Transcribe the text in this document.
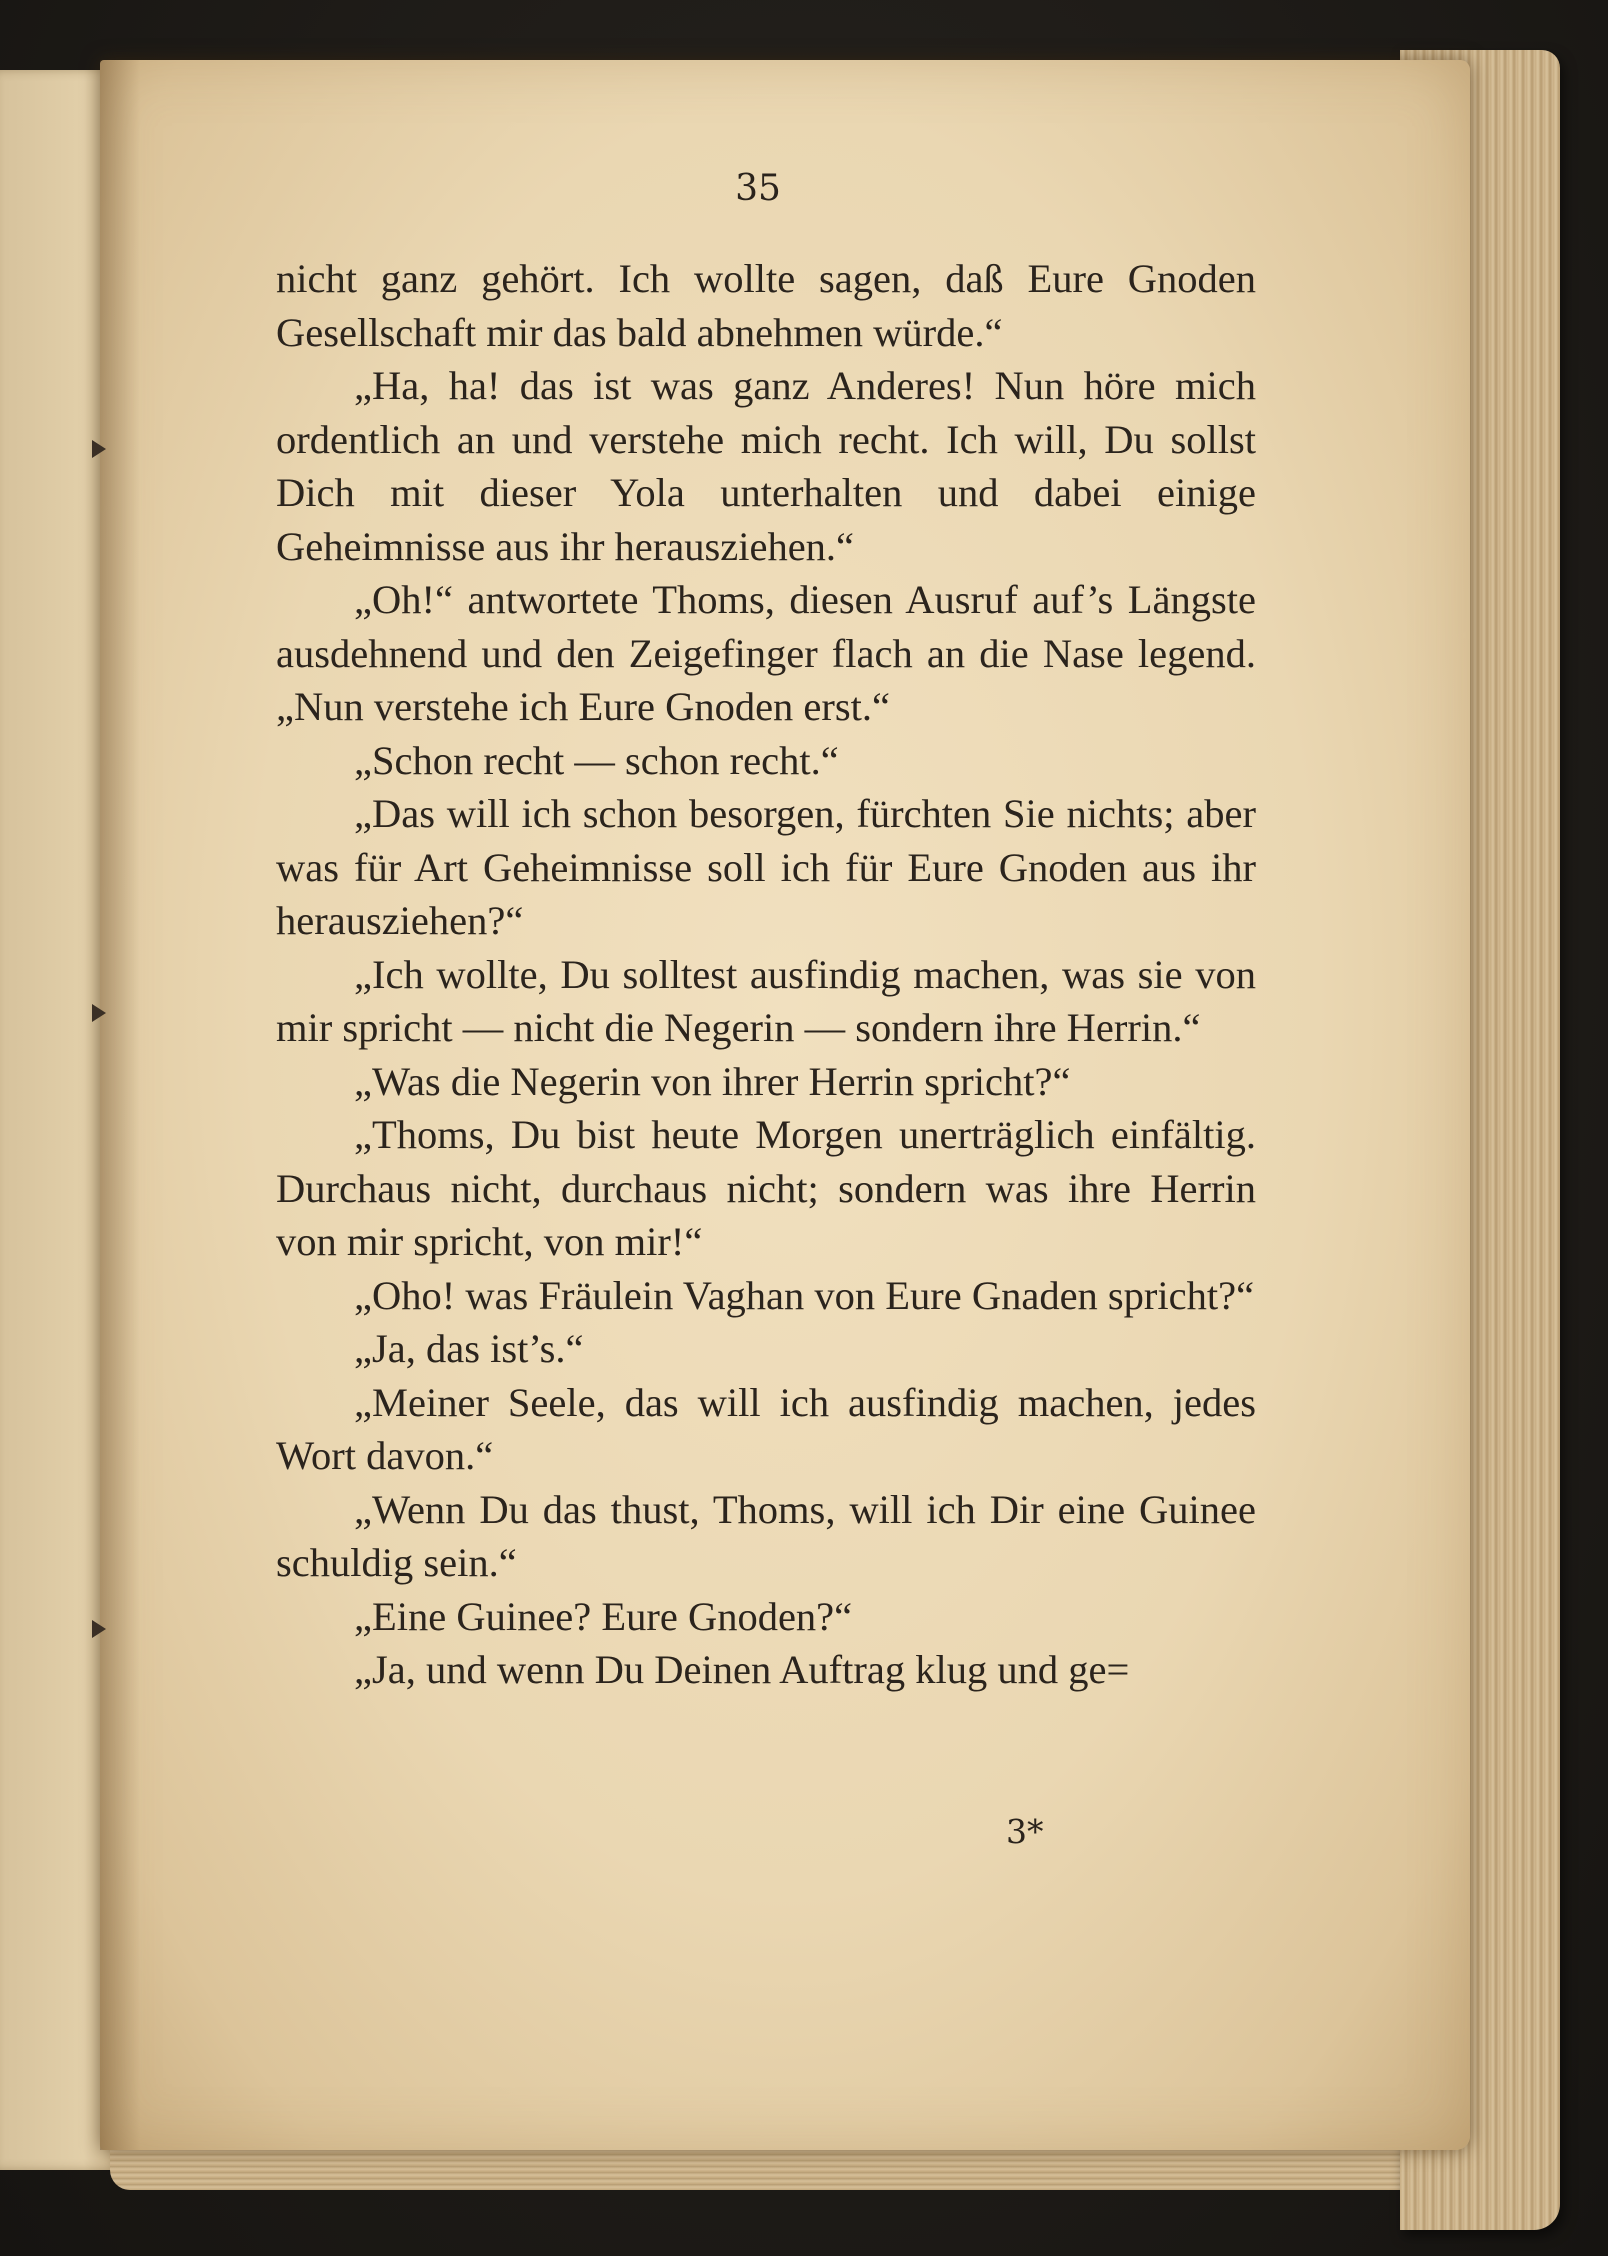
35

nicht ganz gehört. Ich wollte sagen, daß Eure Gnoden Gesellschaft mir das bald abnehmen würde.“

„Ha, ha! das ist was ganz Anderes! Nun höre mich ordentlich an und verstehe mich recht. Ich will, Du sollst Dich mit dieser Yola unterhalten und dabei einige Geheimnisse aus ihr herausziehen.“

„Oh!“ antwortete Thoms, diesen Ausruf auf’s Längste ausdehnend und den Zeigefinger flach an die Nase legend. „Nun verstehe ich Eure Gnoden erst.“

„Schon recht — schon recht.“

„Das will ich schon besorgen, fürchten Sie nichts; aber was für Art Geheimnisse soll ich für Eure Gnoden aus ihr herausziehen?“

„Ich wollte, Du solltest ausfindig machen, was sie von mir spricht — nicht die Negerin — sondern ihre Herrin.“

„Was die Negerin von ihrer Herrin spricht?“

„Thoms, Du bist heute Morgen unerträglich einfältig. Durchaus nicht, durchaus nicht; sondern was ihre Herrin von mir spricht, von mir!“

„Oho! was Fräulein Vaghan von Eure Gnaden spricht?“

„Ja, das ist’s.“

„Meiner Seele, das will ich ausfindig machen, jedes Wort davon.“

„Wenn Du das thust, Thoms, will ich Dir eine Guinee schuldig sein.“

„Eine Guinee? Eure Gnoden?“

„Ja, und wenn Du Deinen Auftrag klug und ge=

3*
